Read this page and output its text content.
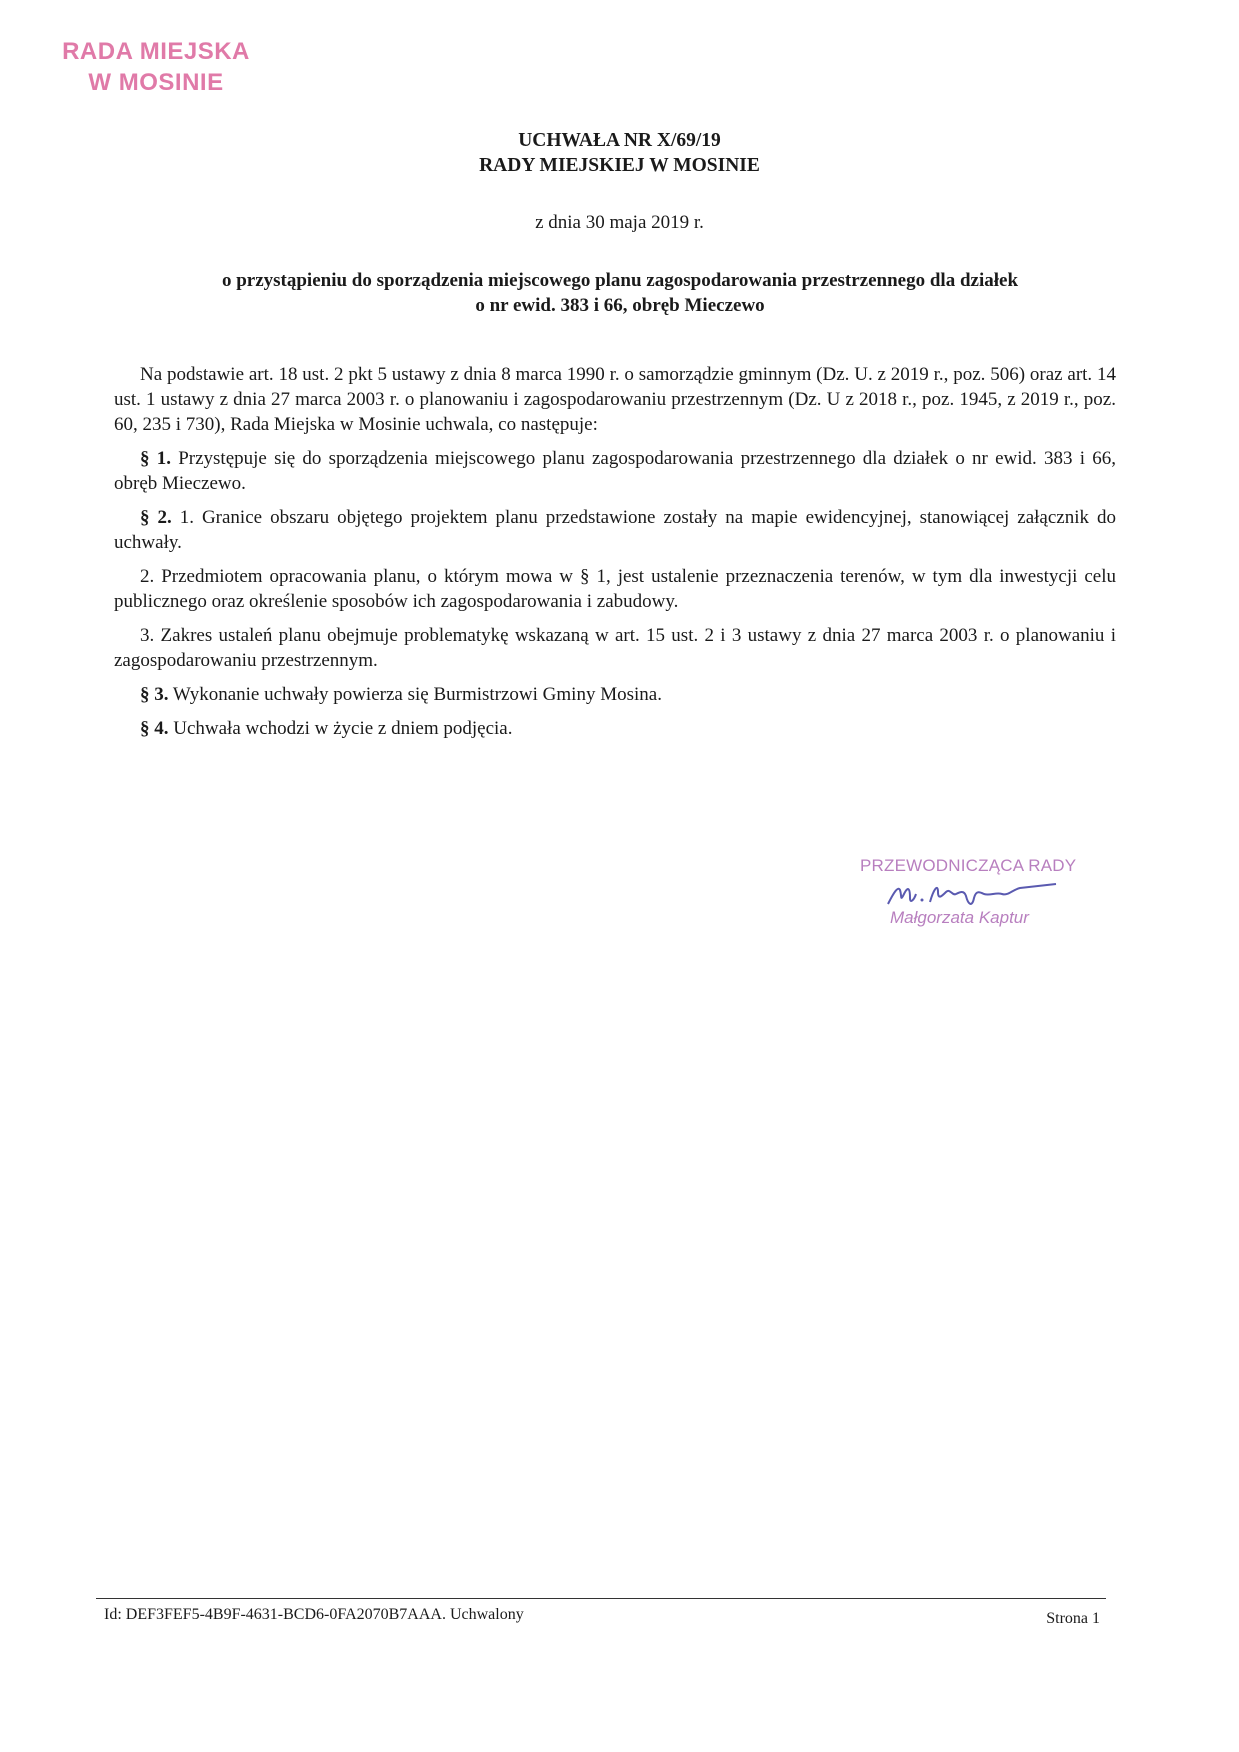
RADA MIEJSKA
W MOSINIE
UCHWAŁA NR X/69/19
RADY MIEJSKIEJ W MOSINIE
z dnia 30 maja 2019 r.
o przystąpieniu do sporządzenia miejscowego planu zagospodarowania przestrzennego dla działek
o nr ewid. 383 i 66, obręb Mieczewo

Na podstawie art. 18 ust. 2 pkt 5 ustawy z dnia 8 marca 1990 r. o samorządzie gminnym (Dz. U. z 2019 r., poz. 506) oraz art. 14 ust. 1 ustawy z dnia 27 marca 2003 r. o planowaniu i zagospodarowaniu przestrzennym (Dz. U z 2018 r., poz. 1945, z 2019 r., poz. 60, 235 i 730), Rada Miejska w Mosinie uchwala, co następuje:

§ 1. Przystępuje się do sporządzenia miejscowego planu zagospodarowania przestrzennego dla działek o nr ewid. 383 i 66, obręb Mieczewo.

§ 2. 1. Granice obszaru objętego projektem planu przedstawione zostały na mapie ewidencyjnej, stanowiącej załącznik do uchwały.

2. Przedmiotem opracowania planu, o którym mowa w § 1, jest ustalenie przeznaczenia terenów, w tym dla inwestycji celu publicznego oraz określenie sposobów ich zagospodarowania i zabudowy.

3. Zakres ustaleń planu obejmuje problematykę wskazaną w art. 15 ust. 2 i 3 ustawy z dnia 27 marca 2003 r. o planowaniu i zagospodarowaniu przestrzennym.

§ 3. Wykonanie uchwały powierza się Burmistrzowi Gminy Mosina.

§ 4. Uchwała wchodzi w życie z dniem podjęcia.

PRZEWODNICZĄCA RADY
Małgorzata Kaptur
Id: DEF3FEF5-4B9F-4631-BCD6-0FA2070B7AAA. Uchwalony	Strona 1
